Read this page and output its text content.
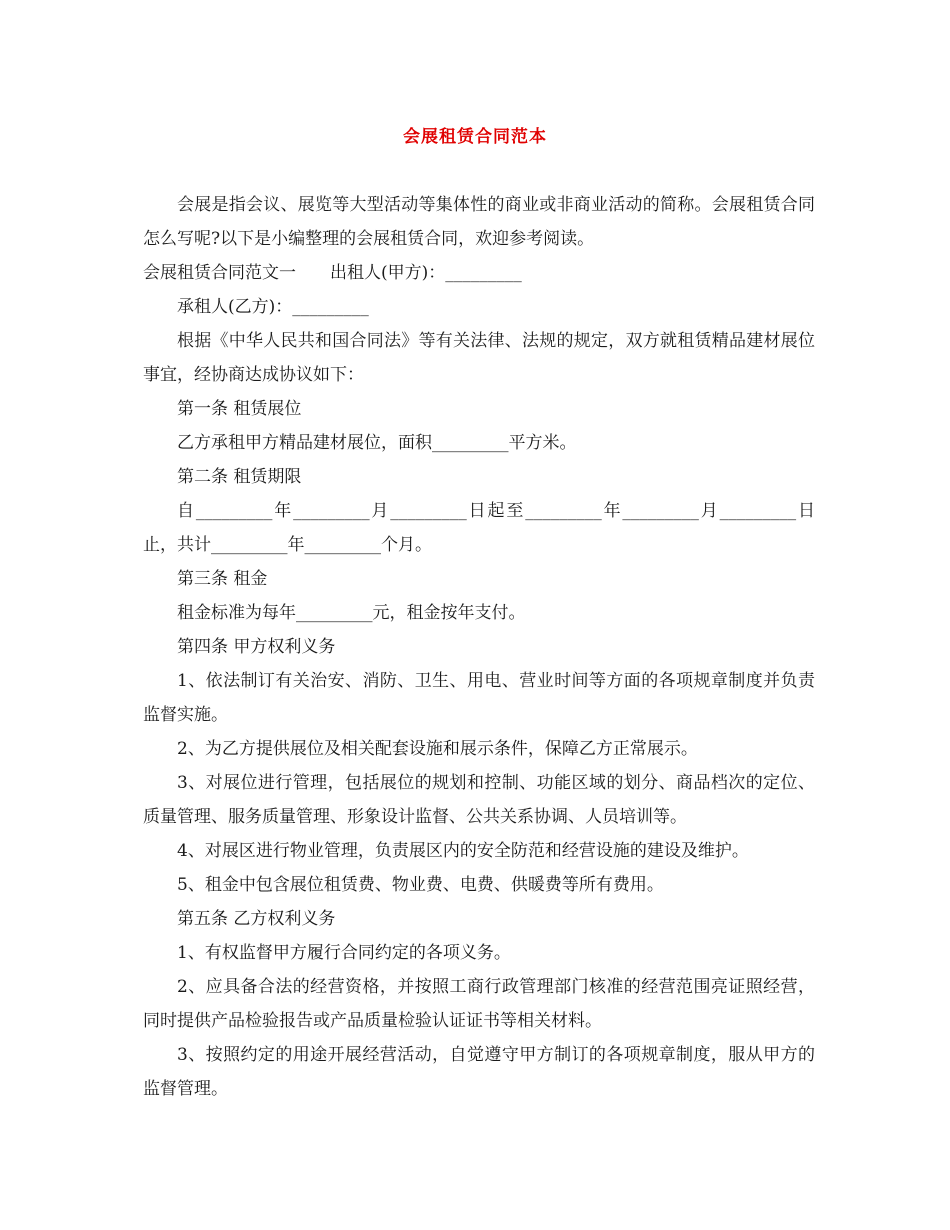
会展租赁合同范本

会展是指会议、展览等大型活动等集体性的商业或非商业活动的简称。会展租赁合同怎么写呢?以下是小编整理的会展租赁合同，欢迎参考阅读。

会展租赁合同范文一　　出租人(甲方)：_________

承租人(乙方)：_________

根据《中华人民共和国合同法》等有关法律、法规的规定，双方就租赁精品建材展位事宜，经协商达成协议如下：

第一条 租赁展位

乙方承租甲方精品建材展位，面积_________平方米。

第二条 租赁期限

自_________年_________月_________日起至_________年_________月_________日止，共计_________年_________个月。

第三条 租金

租金标准为每年_________元，租金按年支付。

第四条 甲方权利义务

1、依法制订有关治安、消防、卫生、用电、营业时间等方面的各项规章制度并负责监督实施。

2、为乙方提供展位及相关配套设施和展示条件，保障乙方正常展示。

3、对展位进行管理，包括展位的规划和控制、功能区域的划分、商品档次的定位、质量管理、服务质量管理、形象设计监督、公共关系协调、人员培训等。

4、对展区进行物业管理，负责展区内的安全防范和经营设施的建设及维护。

5、租金中包含展位租赁费、物业费、电费、供暖费等所有费用。

第五条 乙方权利义务

1、有权监督甲方履行合同约定的各项义务。

2、应具备合法的经营资格，并按照工商行政管理部门核准的经营范围亮证照经营，同时提供产品检验报告或产品质量检验认证证书等相关材料。

3、按照约定的用途开展经营活动，自觉遵守甲方制订的各项规章制度，服从甲方的监督管理。
